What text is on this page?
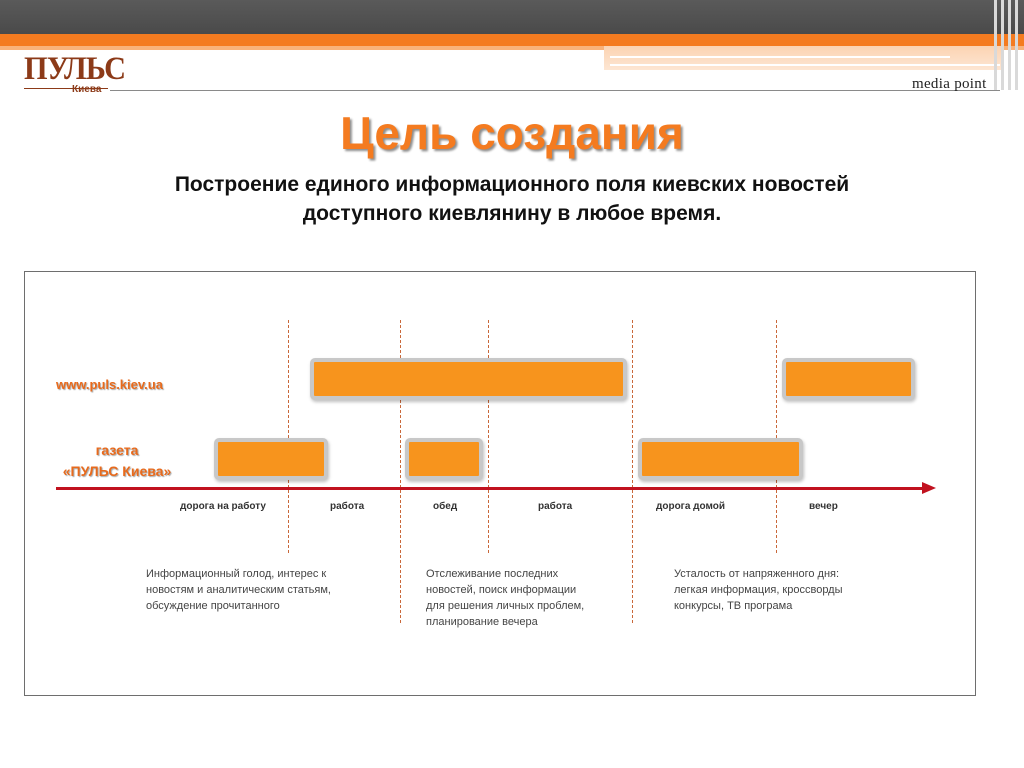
ПУЛЬС
Киева	media point
Цель создания
Построение единого информационного поля киевских новостей
доступного киевлянину в любое время.
www.puls.kiev.ua
газета
«ПУЛЬС Киева»
дорога на работу	работа	обед	работа	дорога домой	вечер
Информационный голод, интерес к
новостям и аналитическим статьям,
обсуждение прочитанного
Отслеживание последних
новостей, поиск информации
для решения личных проблем,
планирование вечера
Усталость от напряженного дня:
легкая информация, кроссворды
конкурсы, ТВ програма
